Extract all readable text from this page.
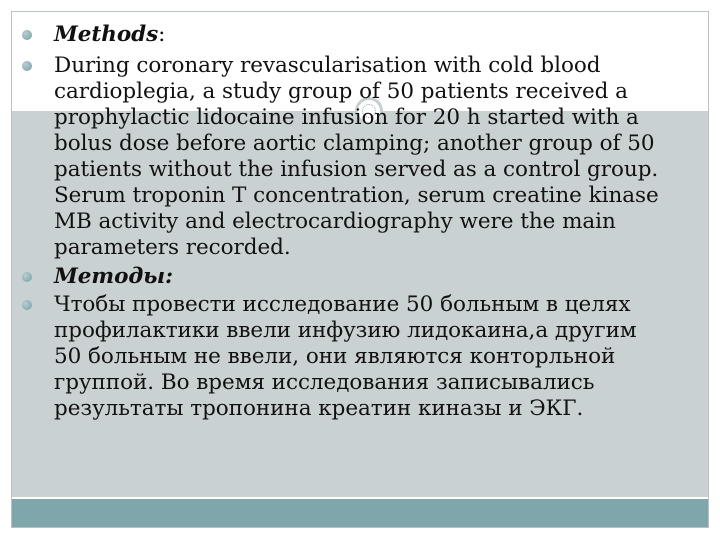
Methods:
During coronary revascularisation with cold blood
cardioplegia, a study group of 50 patients received a
prophylactic lidocaine infusion for 20 h started with a
bolus dose before aortic clamping; another group of 50
patients without the infusion served as a control group.
Serum troponin T concentration, serum creatine kinase
MB activity and electrocardiography were the main
parameters recorded.
Методы:
Чтобы провести исследование 50 больным в целях
профилактики ввели инфузию лидокаина,а другим
50 больным не ввели, они являются конторльной
группой. Во время исследования записывались
результаты тропонина креатин киназы и ЭКГ.
